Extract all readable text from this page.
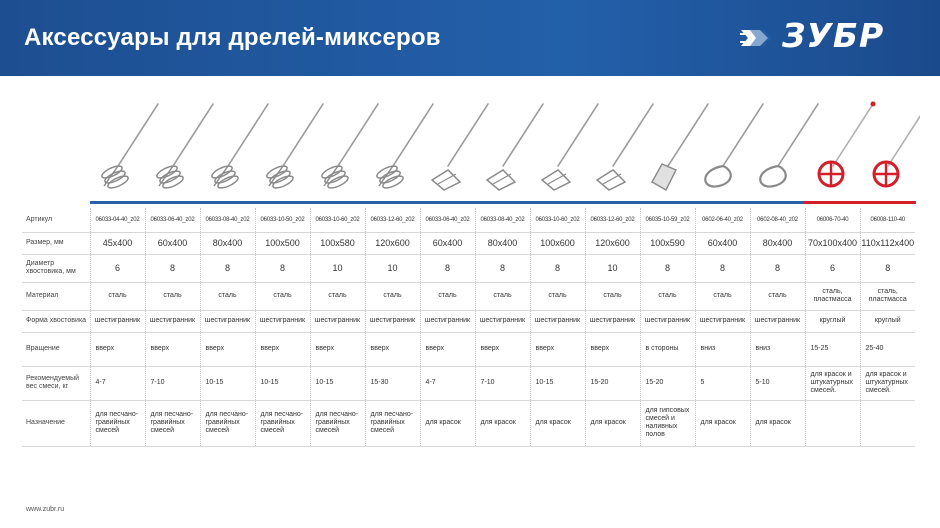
Аксессуары для дрелей-миксеров	ЗУБР
Артикул	06033-04-40_z02	06033-06-40_z02	06033-08-40_z02	06033-10-50_z02	06033-10-60_z02	06033-12-60_z02	06033-06-40_z02	06033-08-40_z02	06033-10-60_z02	06033-12-60_z02	06035-10-59_z02	0602-06-40_z02	0602-08-40_z02	06006-70-40	06008-110-40
Размер, мм	45x400	60x400	80x400	100x500	100x580	120x600	60x400	80x400	100x600	120x600	100x590	60x400	80x400	70x100x400	110x112x400
Диаметр хвостовика, мм	6	8	8	8	10	10	8	8	8	10	8	8	8	6	8
Материал	сталь	сталь	сталь	сталь	сталь	сталь	сталь	сталь	сталь	сталь	сталь	сталь	сталь	сталь, пластмасса	сталь, пластмасса
Форма хвостовика	шестигранник	шестигранник	шестигранник	шестигранник	шестигранник	шестигранник	шестигранник	шестигранник	шестигранник	шестигранник	шестигранник	шестигранник	шестигранник	круглый	круглый
Вращение	вверх	вверх	вверх	вверх	вверх	вверх	вверх	вверх	вверх	вверх	в стороны	вниз	вниз	15-25	25-40
Рекомендуемый вес смеси, кг	4-7	7-10	10-15	10-15	10-15	15-30	4-7	7-10	10-15	15-20	15-20	5	5-10	для красок и штукатурных смесей.	для красок и штукатурных смесей.
Назначение	для песчано-гравийных смесей	для песчано-гравийных смесей	для песчано-гравийных смесей	для песчано-гравийных смесей	для песчано-гравийных смесей	для песчано-гравийных смесей	для красок	для красок	для красок	для красок	для гипсовых смесей и наливных полов	для красок	для красок		
www.zubr.ru
